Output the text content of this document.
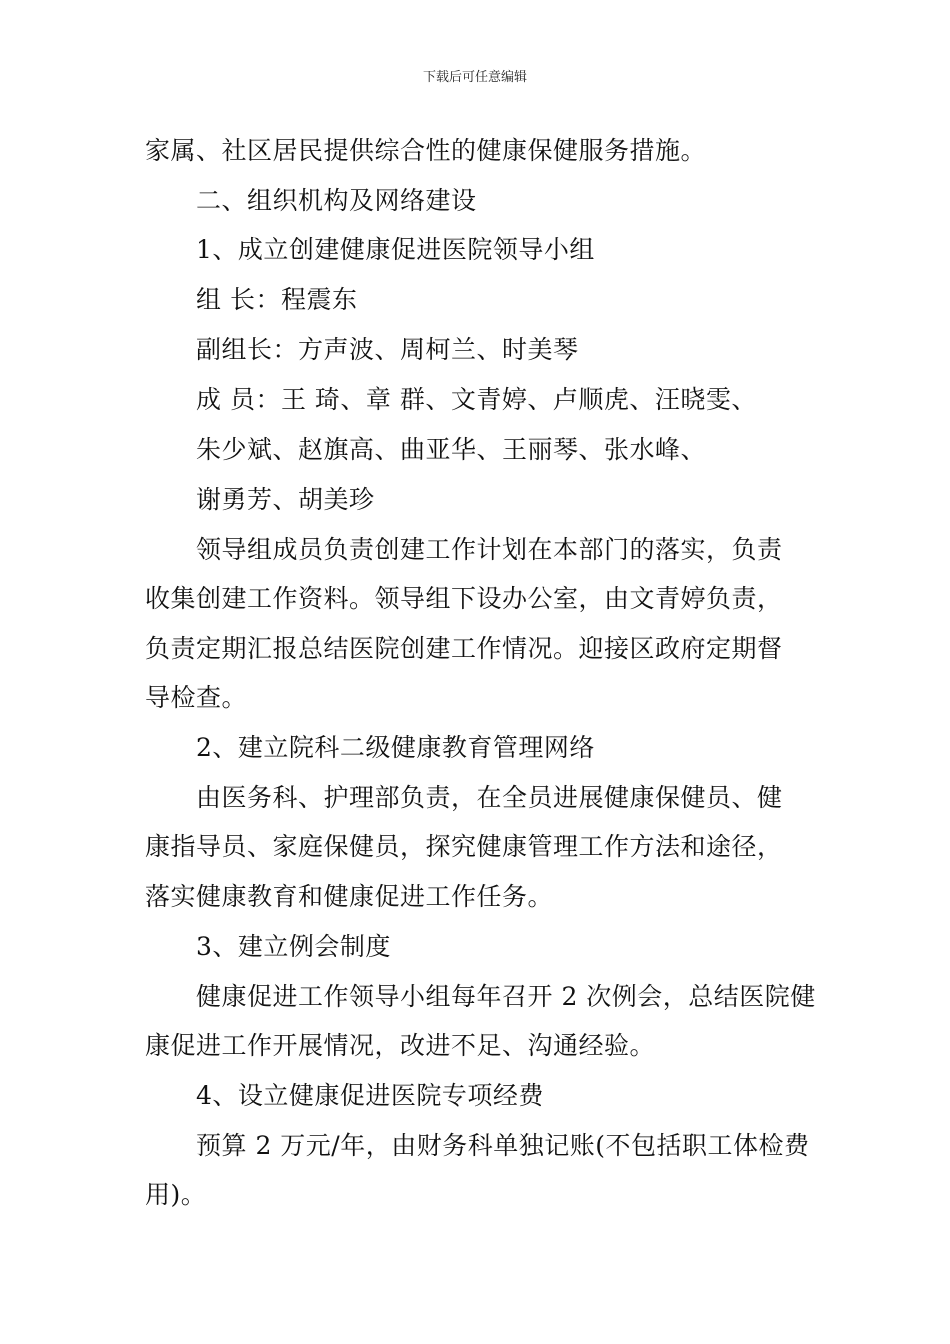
下载后可任意编辑
家属、社区居民提供综合性的健康保健服务措施。
二、组织机构及网络建设
1、成立创建健康促进医院领导小组
组 长：程震东
副组长：方声波、周柯兰、时美琴
成 员：王 琦、章 群、文青婷、卢顺虎、汪晓雯、
朱少斌、赵旗高、曲亚华、王丽琴、张水峰、
谢勇芳、胡美珍
领导组成员负责创建工作计划在本部门的落实，负责
收集创建工作资料。领导组下设办公室，由文青婷负责，
负责定期汇报总结医院创建工作情况。迎接区政府定期督
导检查。
2、建立院科二级健康教育管理网络
由医务科、护理部负责，在全员进展健康保健员、健
康指导员、家庭保健员，探究健康管理工作方法和途径，
落实健康教育和健康促进工作任务。
3、建立例会制度
健康促进工作领导小组每年召开 2 次例会，总结医院健
康促进工作开展情况，改进不足、沟通经验。
4、设立健康促进医院专项经费
预算 2 万元/年，由财务科单独记账(不包括职工体检费
用)。
